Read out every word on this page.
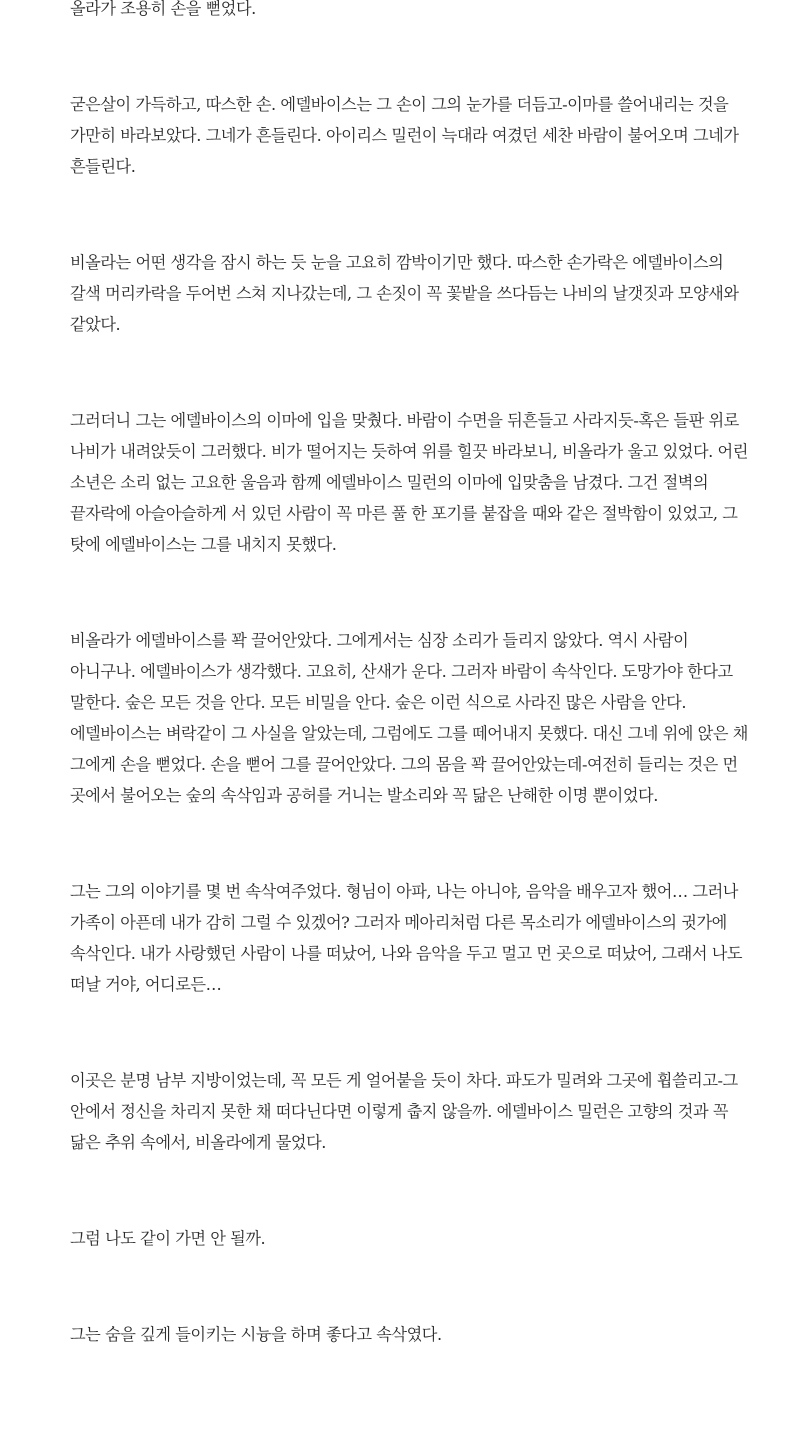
올라가 조용히 손을 뻗었다.

굳은살이 가득하고, 따스한 손. 에델바이스는 그 손이 그의 눈가를 더듬고-이마를 쓸어내리는 것을 가만히 바라보았다. 그네가 흔들린다. 아이리스 밀런이 늑대라 여겼던 세찬 바람이 불어오며 그네가 흔들린다.

비올라는 어떤 생각을 잠시 하는 듯 눈을 고요히 깜박이기만 했다. 따스한 손가락은 에델바이스의 갈색 머리카락을 두어번 스쳐 지나갔는데, 그 손짓이 꼭 꽃밭을 쓰다듬는 나비의 날갯짓과 모양새와 같았다.

그러더니 그는 에델바이스의 이마에 입을 맞췄다. 바람이 수면을 뒤흔들고 사라지듯-혹은 들판 위로 나비가 내려앉듯이 그러했다. 비가 떨어지는 듯하여 위를 힐끗 바라보니, 비올라가 울고 있었다. 어린 소년은 소리 없는 고요한 울음과 함께 에델바이스 밀런의 이마에 입맞춤을 남겼다. 그건 절벽의 끝자락에 아슬아슬하게 서 있던 사람이 꼭 마른 풀 한 포기를 붙잡을 때와 같은 절박함이 있었고, 그 탓에 에델바이스는 그를 내치지 못했다.

비올라가 에델바이스를 꽉 끌어안았다. 그에게서는 심장 소리가 들리지 않았다. 역시 사람이 아니구나. 에델바이스가 생각했다. 고요히, 산새가 운다. 그러자 바람이 속삭인다. 도망가야 한다고 말한다. 숲은 모든 것을 안다. 모든 비밀을 안다. 숲은 이런 식으로 사라진 많은 사람을 안다. 에델바이스는 벼락같이 그 사실을 알았는데, 그럼에도 그를 떼어내지 못했다. 대신 그네 위에 앉은 채 그에게 손을 뻗었다. 손을 뻗어 그를 끌어안았다. 그의 몸을 꽉 끌어안았는데-여전히 들리는 것은 먼 곳에서 불어오는 숲의 속삭임과 공허를 거니는 발소리와 꼭 닮은 난해한 이명 뿐이었다.

그는 그의 이야기를 몇 번 속삭여주었다. 형님이 아파, 나는 아니야, 음악을 배우고자 했어… 그러나 가족이 아픈데 내가 감히 그럴 수 있겠어? 그러자 메아리처럼 다른 목소리가 에델바이스의 귓가에 속삭인다. 내가 사랑했던 사람이 나를 떠났어, 나와 음악을 두고 멀고 먼 곳으로 떠났어, 그래서 나도 떠날 거야, 어디로든…

이곳은 분명 남부 지방이었는데, 꼭 모든 게 얼어붙을 듯이 차다. 파도가 밀려와 그곳에 휩쓸리고-그 안에서 정신을 차리지 못한 채 떠다닌다면 이렇게 춥지 않을까. 에델바이스 밀런은 고향의 것과 꼭 닮은 추위 속에서, 비올라에게 물었다.

그럼 나도 같이 가면 안 될까.

그는 숨을 깊게 들이키는 시늉을 하며 좋다고 속삭였다.
